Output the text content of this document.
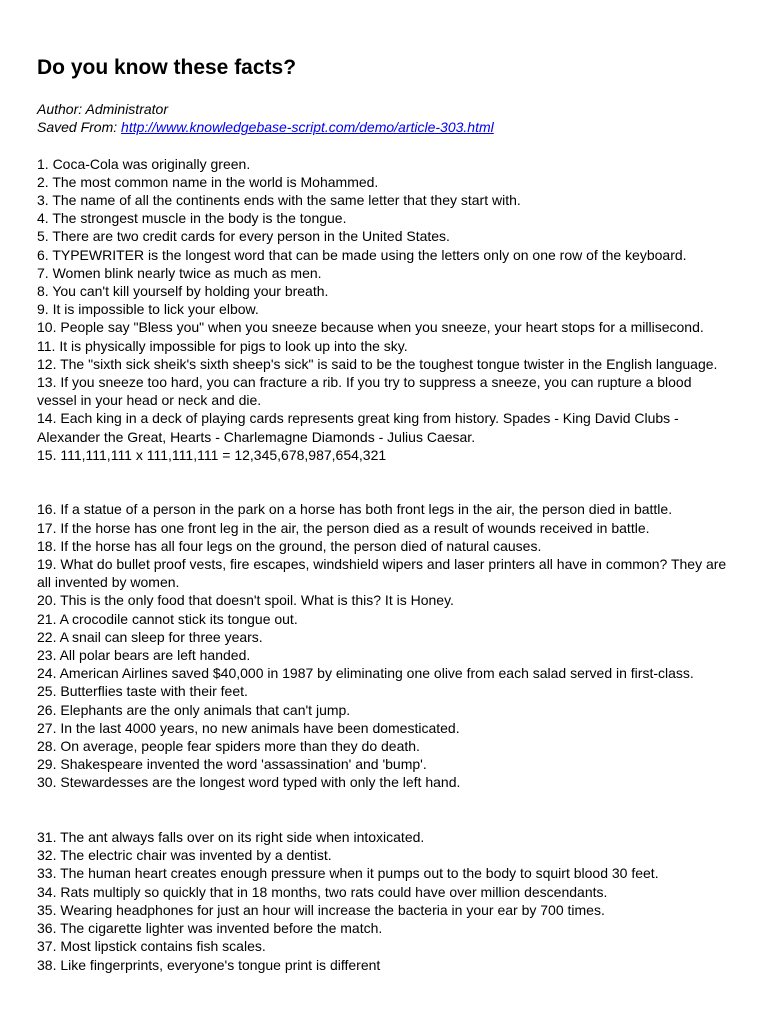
Do you know these facts?
Author: Administrator
Saved From: http://www.knowledgebase-script.com/demo/article-303.html

1. Coca-Cola was originally green.

2. The most common name in the world is Mohammed.

3. The name of all the continents ends with the same letter that they start with.

4. The strongest muscle in the body is the tongue.

5. There are two credit cards for every person in the United States.

6. TYPEWRITER is the longest word that can be made using the letters only on one row of the keyboard.

7. Women blink nearly twice as much as men.

8. You can't kill yourself by holding your breath.

9. It is impossible to lick your elbow.

10. People say "Bless you" when you sneeze because when you sneeze, your heart stops for a millisecond.

11. It is physically impossible for pigs to look up into the sky.

12. The "sixth sick sheik's sixth sheep's sick" is said to be the toughest tongue twister in the English language.

13. If you sneeze too hard, you can fracture a rib. If you try to suppress a sneeze, you can rupture a blood vessel in your head or neck and die.

14. Each king in a deck of playing cards represents great king from history. Spades - King David Clubs - Alexander the Great, Hearts - Charlemagne Diamonds - Julius Caesar.

15. 111,111,111 x 111,111,111 = 12,345,678,987,654,321

16. If a statue of a person in the park on a horse has both front legs in the air, the person died in battle.

17. If the horse has one front leg in the air, the person died as a result of wounds received in battle.

18. If the horse has all four legs on the ground, the person died of natural causes.

19. What do bullet proof vests, fire escapes, windshield wipers and laser printers all have in common? They are all invented by women.

20. This is the only food that doesn't spoil. What is this? It is Honey.

21. A crocodile cannot stick its tongue out.

22. A snail can sleep for three years.

23. All polar bears are left handed.

24. American Airlines saved $40,000 in 1987 by eliminating one olive from each salad served in first-class.

25. Butterflies taste with their feet.

26. Elephants are the only animals that can't jump.

27. In the last 4000 years, no new animals have been domesticated.

28. On average, people fear spiders more than they do death.

29. Shakespeare invented the word 'assassination' and 'bump'.

30. Stewardesses are the longest word typed with only the left hand.

31. The ant always falls over on its right side when intoxicated.

32. The electric chair was invented by a dentist.

33. The human heart creates enough pressure when it pumps out to the body to squirt blood 30 feet.

34. Rats multiply so quickly that in 18 months, two rats could have over million descendants.

35. Wearing headphones for just an hour will increase the bacteria in your ear by 700 times.

36. The cigarette lighter was invented before the match.

37. Most lipstick contains fish scales.

38. Like fingerprints, everyone's tongue print is different
